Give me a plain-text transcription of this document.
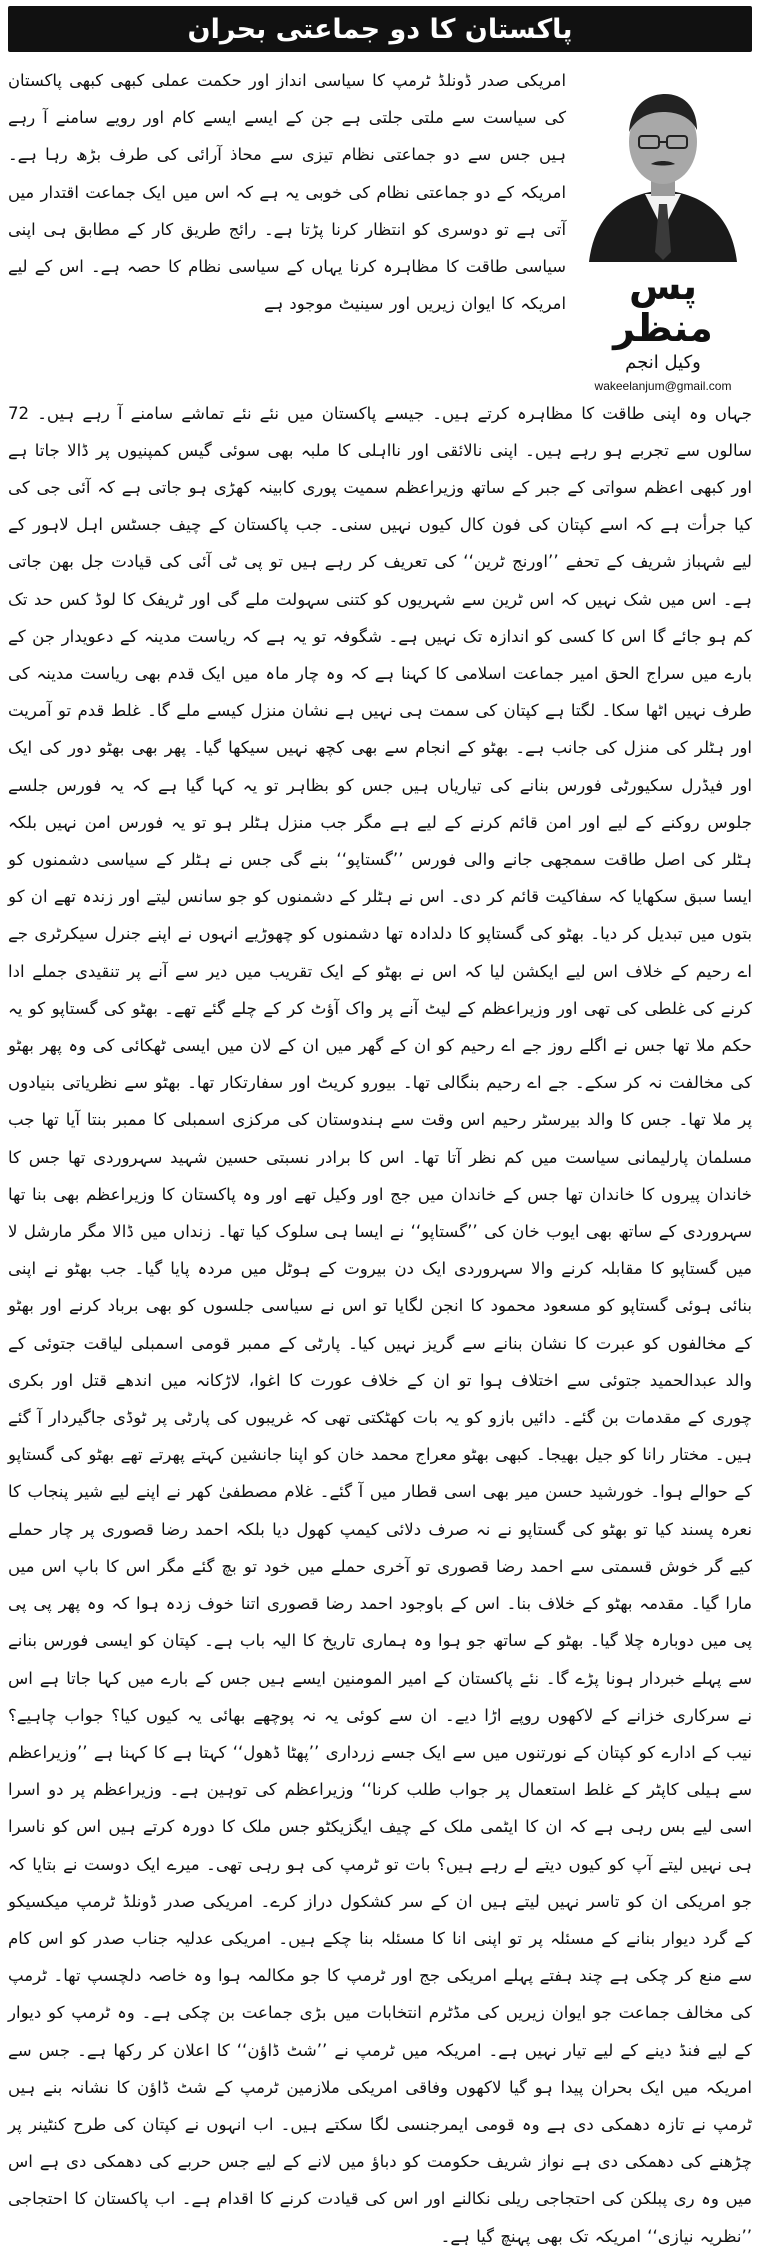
پاکستان کا دو جماعتی بحران
پس منظر
وکیل انجم
wakeelanjum@gmail.com

امریکی صدر ڈونلڈ ٹرمپ کا سیاسی انداز اور حکمت عملی کبھی کبھی پاکستان کی سیاست سے ملتی جلتی ہے جن کے ایسے ایسے کام اور رویے سامنے آ رہے ہیں جس سے دو جماعتی نظام تیزی سے محاذ آرائی کی طرف بڑھ رہا ہے۔ امریکہ کے دو جماعتی نظام کی خوبی یہ ہے کہ اس میں ایک جماعت اقتدار میں آتی ہے تو دوسری کو انتظار کرنا پڑتا ہے۔ رائج طریق کار کے مطابق ہی اپنی سیاسی طاقت کا مظاہرہ کرنا یہاں کے سیاسی نظام کا حصہ ہے۔ اس کے لیے امریکہ کا ایوان زیریں اور سینیٹ موجود ہے

جہاں وہ اپنی طاقت کا مظاہرہ کرتے ہیں۔ جیسے پاکستان میں نئے نئے تماشے سامنے آ رہے ہیں۔ 72 سالوں سے تجربے ہو رہے ہیں۔ اپنی نالائقی اور نااہلی کا ملبہ بھی سوئی گیس کمپنیوں پر ڈالا جاتا ہے اور کبھی اعظم سواتی کے جبر کے ساتھ وزیراعظم سمیت پوری کابینہ کھڑی ہو جاتی ہے کہ آئی جی کی کیا جرأت ہے کہ اسے کپتان کی فون کال کیوں نہیں سنی۔ جب پاکستان کے چیف جسٹس اہل لاہور کے لیے شہباز شریف کے تحفے ’’اورنج ٹرین‘‘ کی تعریف کر رہے ہیں تو پی ٹی آئی کی قیادت جل بھن جاتی ہے۔ اس میں شک نہیں کہ اس ٹرین سے شہریوں کو کتنی سہولت ملے گی اور ٹریفک کا لوڈ کس حد تک کم ہو جائے گا اس کا کسی کو اندازہ تک نہیں ہے۔ شگوفہ تو یہ ہے کہ ریاست مدینہ کے دعویدار جن کے بارے میں سراج الحق امیر جماعت اسلامی کا کہنا ہے کہ وہ چار ماہ میں ایک قدم بھی ریاست مدینہ کی طرف نہیں اٹھا سکا۔ لگتا ہے کپتان کی سمت ہی نہیں ہے نشان منزل کیسے ملے گا۔ غلط قدم تو آمریت اور ہٹلر کی منزل کی جانب ہے۔ بھٹو کے انجام سے بھی کچھ نہیں سیکھا گیا۔ پھر بھی بھٹو دور کی ایک اور فیڈرل سکیورٹی فورس بنانے کی تیاریاں ہیں جس کو بظاہر تو یہ کہا گیا ہے کہ یہ فورس جلسے جلوس روکنے کے لیے اور امن قائم کرنے کے لیے ہے مگر جب منزل ہٹلر ہو تو یہ فورس امن نہیں بلکہ ہٹلر کی اصل طاقت سمجھی جانے والی فورس ’’گستاپو‘‘ بنے گی جس نے ہٹلر کے سیاسی دشمنوں کو ایسا سبق سکھایا کہ سفاکیت قائم کر دی۔ اس نے ہٹلر کے دشمنوں کو جو سانس لیتے اور زندہ تھے ان کو بتوں میں تبدیل کر دیا۔ بھٹو کی گستاپو کا دلدادہ تھا دشمنوں کو چھوڑیے انہوں نے اپنے جنرل سیکرٹری جے اے رحیم کے خلاف اس لیے ایکشن لیا کہ اس نے بھٹو کے ایک تقریب میں دیر سے آنے پر تنقیدی جملے ادا کرنے کی غلطی کی تھی اور وزیراعظم کے لیٹ آنے پر واک آؤٹ کر کے چلے گئے تھے۔ بھٹو کی گستاپو کو یہ حکم ملا تھا جس نے اگلے روز جے اے رحیم کو ان کے گھر میں ان کے لان میں ایسی ٹھکائی کی وہ پھر بھٹو کی مخالفت نہ کر سکے۔ جے اے رحیم بنگالی تھا۔ بیورو کریٹ اور سفارتکار تھا۔ بھٹو سے نظریاتی بنیادوں پر ملا تھا۔ جس کا والد بیرسٹر رحیم اس وقت سے ہندوستان کی مرکزی اسمبلی کا ممبر بنتا آیا تھا جب مسلمان پارلیمانی سیاست میں کم نظر آتا تھا۔ اس کا برادر نسبتی حسین شہید سہروردی تھا جس کا خاندان پیروں کا خاندان تھا جس کے خاندان میں جج اور وکیل تھے اور وہ پاکستان کا وزیراعظم بھی بنا تھا سہروردی کے ساتھ بھی ایوب خان کی ’’گستاپو‘‘ نے ایسا ہی سلوک کیا تھا۔ زنداں میں ڈالا مگر مارشل لا میں گستاپو کا مقابلہ کرنے والا سہروردی ایک دن بیروت کے ہوٹل میں مردہ پایا گیا۔ جب بھٹو نے اپنی بنائی ہوئی گستاپو کو مسعود محمود کا انجن لگایا تو اس نے سیاسی جلسوں کو بھی برباد کرنے اور بھٹو کے مخالفوں کو عبرت کا نشان بنانے سے گریز نہیں کیا۔ پارٹی کے ممبر قومی اسمبلی لیاقت جتوئی کے والد عبدالحمید جتوئی سے اختلاف ہوا تو ان کے خلاف عورت کا اغوا، لاڑکانہ میں اندھے قتل اور بکری چوری کے مقدمات بن گئے۔ دائیں بازو کو یہ بات کھٹکتی تھی کہ غریبوں کی پارٹی پر ٹوڈی جاگیردار آ گئے ہیں۔ مختار رانا کو جیل بھیجا۔ کبھی بھٹو معراج محمد خان کو اپنا جانشین کہتے پھرتے تھے بھٹو کی گستاپو کے حوالے ہوا۔ خورشید حسن میر بھی اسی قطار میں آ گئے۔ غلام مصطفیٰ کھر نے اپنے لیے شیر پنجاب کا نعرہ پسند کیا تو بھٹو کی گستاپو نے نہ صرف دلائی کیمپ کھول دیا بلکہ احمد رضا قصوری پر چار حملے کیے گر خوش قسمتی سے احمد رضا قصوری تو آخری حملے میں خود تو بچ گئے مگر اس کا باپ اس میں مارا گیا۔ مقدمہ بھٹو کے خلاف بنا۔ اس کے باوجود احمد رضا قصوری اتنا خوف زدہ ہوا کہ وہ پھر پی پی پی میں دوبارہ چلا گیا۔ بھٹو کے ساتھ جو ہوا وہ ہماری تاریخ کا الیہ باب ہے۔ کپتان کو ایسی فورس بنانے سے پہلے خبردار ہونا پڑے گا۔ نئے پاکستان کے امیر المومنین ایسے ہیں جس کے بارے میں کہا جاتا ہے اس نے سرکاری خزانے کے لاکھوں روپے اڑا دیے۔ ان سے کوئی یہ نہ پوچھے بھائی یہ کیوں کیا؟ جواب چاہیے؟ نیب کے ادارے کو کپتان کے نورتنوں میں سے ایک جسے زرداری ’’پھٹا ڈھول‘‘ کہتا ہے کا کہنا ہے ’’وزیراعظم سے ہیلی کاپٹر کے غلط استعمال پر جواب طلب کرنا‘‘ وزیراعظم کی توہین ہے۔ وزیراعظم پر دو اسرا اسی لیے بس رہی ہے کہ ان کا ایٹمی ملک کے چیف ایگزیکٹو جس ملک کا دورہ کرتے ہیں اس کو ناسرا ہی نہیں لیتے آپ کو کیوں دیتے لے رہے ہیں؟ بات تو ٹرمپ کی ہو رہی تھی۔ میرے ایک دوست نے بتایا کہ جو امریکی ان کو تاسر نہیں لیتے ہیں ان کے سر کشکول دراز کرے۔ امریکی صدر ڈونلڈ ٹرمپ میکسیکو کے گرد دیوار بنانے کے مسئلہ پر تو اپنی انا کا مسئلہ بنا چکے ہیں۔ امریکی عدلیہ جناب صدر کو اس کام سے منع کر چکی ہے چند ہفتے پہلے امریکی جج اور ٹرمپ کا جو مکالمہ ہوا وہ خاصہ دلچسپ تھا۔ ٹرمپ کی مخالف جماعت جو ایوان زیریں کی مڈٹرم انتخابات میں بڑی جماعت بن چکی ہے۔ وہ ٹرمپ کو دیوار کے لیے فنڈ دینے کے لیے تیار نہیں ہے۔ امریکہ میں ٹرمپ نے ’’شٹ ڈاؤن‘‘ کا اعلان کر رکھا ہے۔ جس سے امریکہ میں ایک بحران پیدا ہو گیا لاکھوں وفاقی امریکی ملازمین ٹرمپ کے شٹ ڈاؤن کا نشانہ بنے ہیں ٹرمپ نے تازہ دھمکی دی ہے وہ قومی ایمرجنسی لگا سکتے ہیں۔ اب انہوں نے کپتان کی طرح کنٹینر پر چڑھنے کی دھمکی دی ہے نواز شریف حکومت کو دباؤ میں لانے کے لیے جس حربے کی دھمکی دی ہے اس میں وہ ری پبلکن کی احتجاجی ریلی نکالنے اور اس کی قیادت کرنے کا اقدام ہے۔ اب پاکستان کا احتجاجی ’’نظریہ نیازی‘‘ امریکہ تک بھی پہنچ گیا ہے۔
